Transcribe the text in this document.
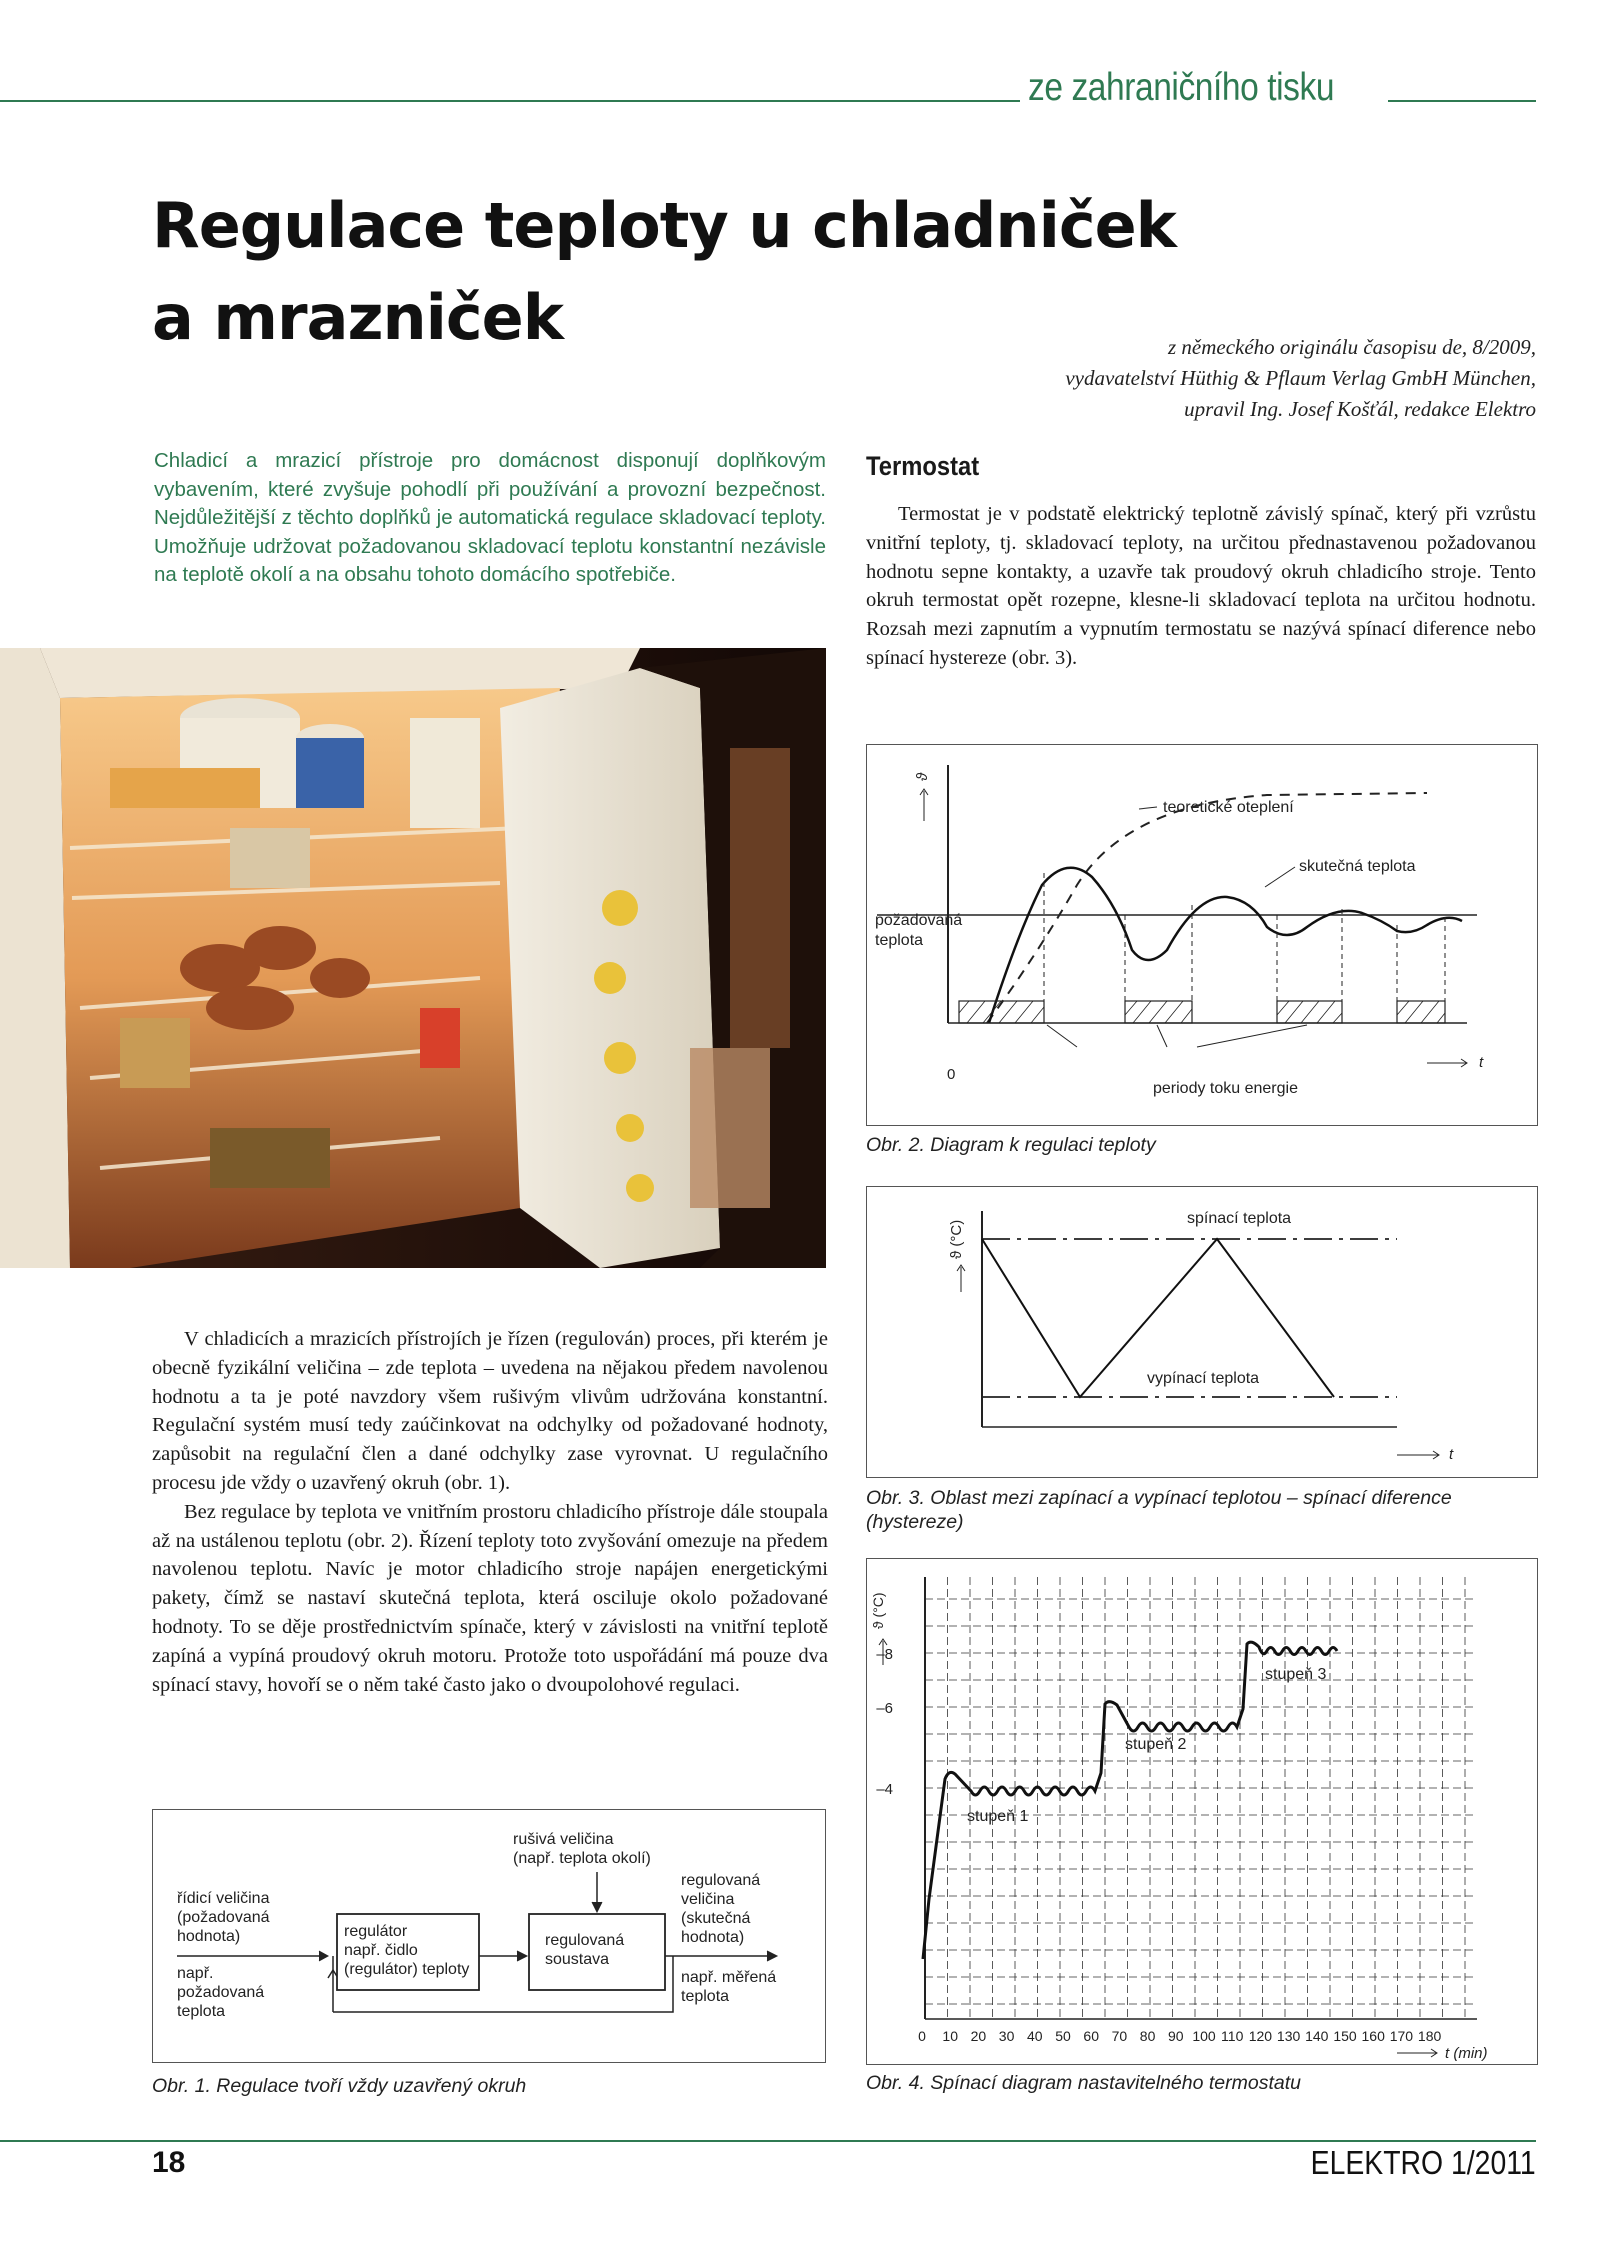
ze zahraničního tisku
Regulace teploty u chladniček
a mrazniček	z německého originálu časopisu de, 8/2009,
vydavatelství Hüthig & Pflaum Verlag GmbH München,
upravil Ing. Josef Košťál, redakce Elektro
Chladicí a mrazicí přístroje pro domácnost disponují doplňkovým vybavením, které zvyšuje pohodlí při používání a provozní bezpečnost. Nejdůležitější z těchto doplňků je automatická regulace skladovací teploty. Umožňuje udržovat požadovanou skladovací teplotu konstantní nezávisle na teplotě okolí a na obsahu tohoto domácího spotřebiče.
Termostat

Termostat je v podstatě elektrický teplotně závislý spínač, který při vzrůstu vnitřní teploty, tj. skladovací teploty, na určitou přednastavenou požadovanou hodnotu sepne kontakty, a uzavře tak proudový okruh chladicího stroje. Tento okruh termostat opět rozepne, klesne-li skladovací teplota na určitou hodnotu. Rozsah mezi zapnutím a vypnutím termostatu se nazývá spínací diference nebo spínací hystereze (obr. 3).

ϑ
0
t
teoretické oteplení
skutečná teplota
požadovaná
teplota
periody toku energie
Obr. 2. Diagram k regulaci teploty
ϑ (°C)
t
spínací teplota
vypínací teplota
Obr. 3. Oblast mezi zapínací a vypínací teplotou – spínací diference
(hystereze)
ϑ (°C)
–8
–6
–4
0 10 20 30 40 50 60 70 80 90 100 110 120 130 140 150 160 170 180
t (min)
stupeň 1
stupeň 2
stupeň 3
Obr. 4. Spínací diagram nastavitelného termostatu

V chladicích a mrazicích přístrojích je řízen (regulován) proces, při kterém je obecně fyzikální veličina – zde teplota – uvedena na nějakou předem navolenou hodnotu a ta je poté navzdory všem rušivým vlivům udržována konstantní. Regulační systém musí tedy zaúčinkovat na odchylky od požadované hodnoty, zapůsobit na regulační člen a dané odchylky zase vyrovnat. U regulačního procesu jde vždy o uzavřený okruh (obr. 1).

Bez regulace by teplota ve vnitřním prostoru chladicího přístroje dále stoupala až na ustálenou teplotu (obr. 2). Řízení teploty toto zvyšování omezuje na předem navolenou teplotu. Navíc je motor chladicího stroje napájen energetickými pakety, čímž se nastaví skutečná teplota, která osciluje okolo požadované hodnoty. To se děje prostřednictvím spínače, který v závislosti na vnitřní teplotě zapíná a vypíná proudový okruh motoru. Protože toto uspořádání má pouze dva spínací stavy, hovoří se o něm také často jako o dvoupolohové regulaci.

řídicí veličina
(požadovaná
hodnota)
např.
požadovaná
teplota
regulátor
např. čidlo
(regulátor) teploty
regulovaná
soustava
rušivá veličina
(např. teplota okolí)
regulovaná
veličina
(skutečná
hodnota)
např. měřená
teplota
Obr. 1. Regulace tvoří vždy uzavřený okruh
18	ELEKTRO 1/2011
